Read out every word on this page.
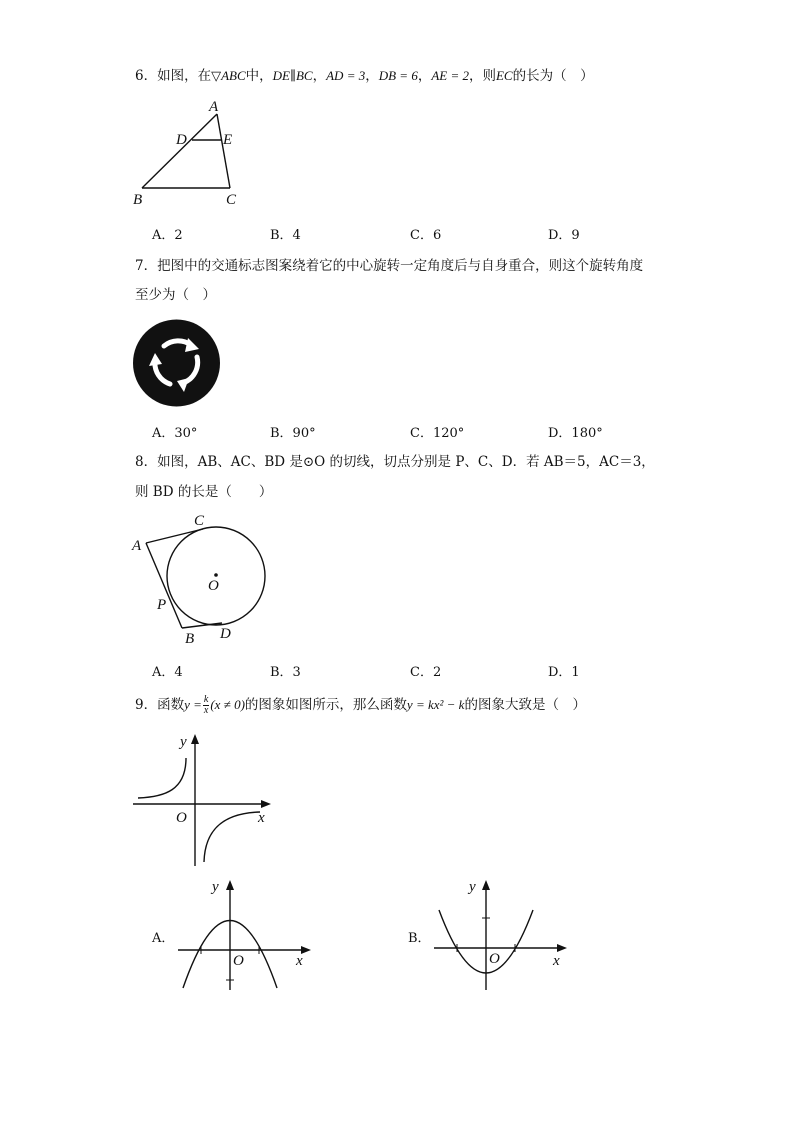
6．如图，在▽ABC中，DE∥BC，AD = 3，DB = 6，AE = 2，则EC的长为（　）
A
D E
B	C
A．2	B．4	C．6	D．9
7．把图中的交通标志图案绕着它的中心旋转一定角度后与自身重合，则这个旋转角度
至少为（　）
A．30°	B．90°	C．120°	D．180°
8．如图，AB、AC、BD 是⊙O 的切线，切点分别是 P、C、D．若 AB＝5，AC＝3，
则 BD 的长是（　　）
C
A
O
P
B D
A．4	B．3	C．2	D．1
9．函数$y = \frac{k}{x} (x \ne 0)$的图象如图所示，那么函数y = kx² − k的图象大致是（　）
y
O	x
A．
y
O	x
B．
y
O	x
